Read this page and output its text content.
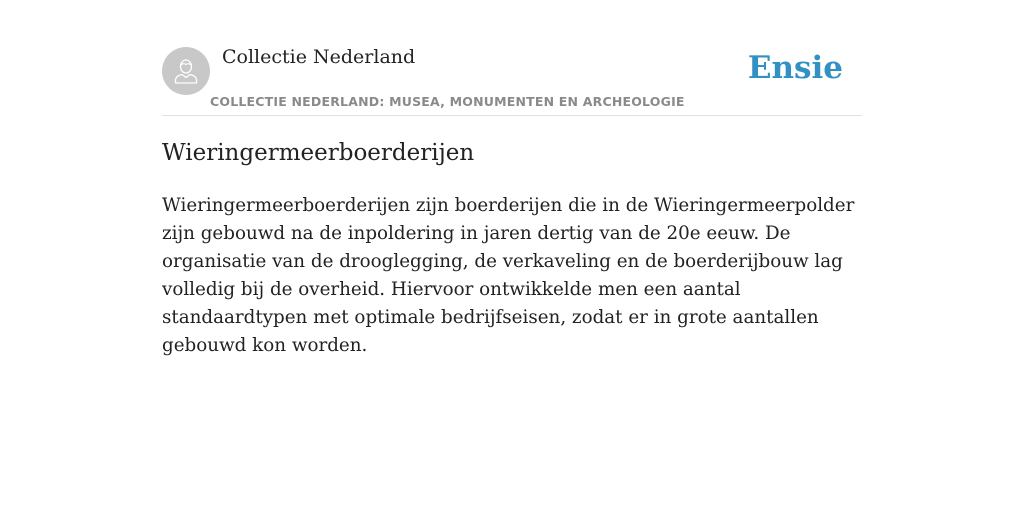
Collectie Nederland
COLLECTIE NEDERLAND: MUSEA, MONUMENTEN EN ARCHEOLOGIE
Ensie
Wieringermeerboerderijen

Wieringermeerboerderijen zijn boerderijen die in de Wieringermeerpolder zijn gebouwd na de inpoldering in jaren dertig van de 20e eeuw. De organisatie van de drooglegging, de verkaveling en de boerderijbouw lag volledig bij de overheid. Hiervoor ontwikkelde men een aantal standaardtypen met optimale bedrijfseisen, zodat er in grote aantallen gebouwd kon worden.
